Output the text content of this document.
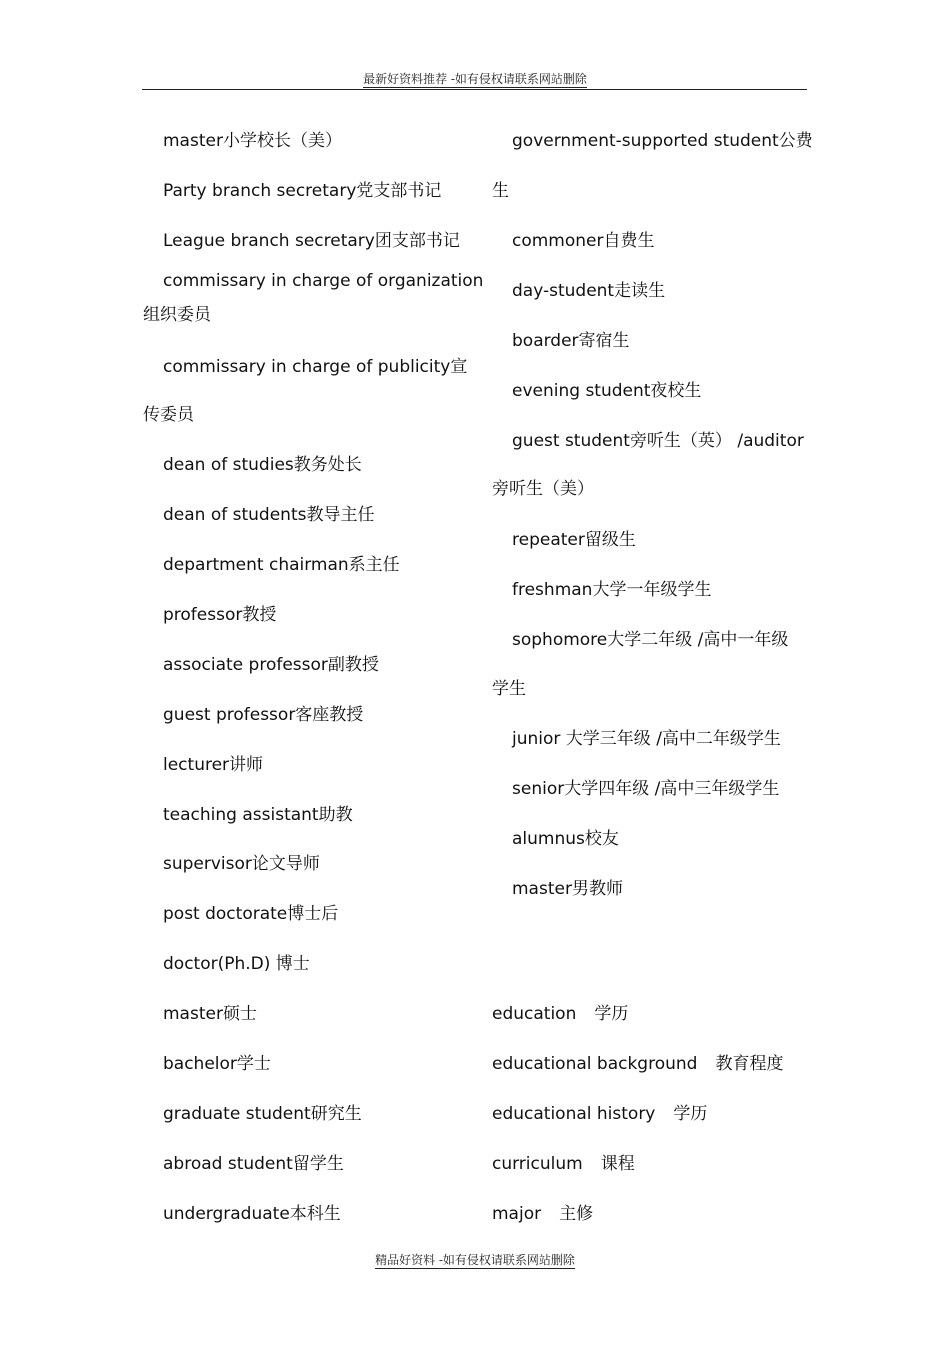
最新好资料推荐 -如有侵权请联系网站删除
master小学校长（美）
Party branch secretary党支部书记
League branch secretary团支部书记
commissary in charge of organization
组织委员
commissary in charge of publicity宣
传委员
dean of studies教务处长
dean of students教导主任
department chairman系主任
professor教授
associate professor副教授
guest professor客座教授
lecturer讲师
teaching assistant助教
supervisor论文导师
post doctorate博士后
doctor(Ph.D) 博士
master硕士
bachelor学士
graduate student研究生
abroad student留学生
undergraduate本科生
government-supported student公费
生
commoner自费生
day-student走读生
boarder寄宿生
evening student夜校生
guest student旁听生（英） /auditor
旁听生（美）
repeater留级生
freshman大学一年级学生
sophomore大学二年级 /高中一年级
学生
junior 大学三年级 /高中二年级学生
senior大学四年级 /高中三年级学生
alumnus校友
master男教师
education 学历
educational background 教育程度
educational history 学历
curriculum 课程
major 主修
精品好资料 -如有侵权请联系网站删除
